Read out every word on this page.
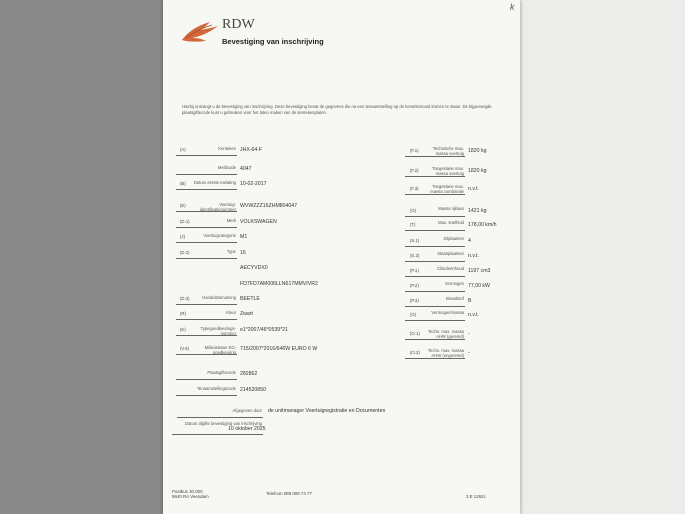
k
RDW
Bevestiging van inschrijving
Hierbij ontvangt u de bevestiging van inschrijving. Deze bevestiging bevat de gegevens die na een tenaamstelling op de kentekencard komen te staan. De bijgevoegde plaatsgiftecode kunt u gebruiken voor het laten maken van de kentekenplaten.
(A)	Kenteken JHX-64-F
Meldcode 4047
(B)	Datum eerste toelating 10-02-2017
(E)	Voertuig-identificatienummer
WVWZZZ16ZHM804047
(D.1)	Merk VOLKSWAGEN
(J)	Voertuigcategorie M1
(D.2)	Type 16
AECYVDX0
FD7FD7AM006LLN617MMVIVR2
(D.3)	Handelsbenaming BEETLE
(R)	Kleur Zwart
(K)	Typegoedkeurings-nummer
e1*2007/46*0539*21
(V.9)	Milieuklasse EG-goedkeuring
715/2007*2016/646W EURO 6 W
Plaatsgiftecode 282862
Tenaamstellingscode 214520850
(F.1)	Technische max. massa voertuig 1820 kg
(F.2)	Toegestane max. massa voertuig 1820 kg
(F.3)	Toegestane max. massa combinatie n.v.t.
(G)	Massa rijklaar 1421 kg
(T)	Max. snelheid 178,00 km/h
(S.1)	Zitplaatsen 4
(S.2)	Staanplaatsen n.v.t.
(P.1)	Cilinderinhoud 1197 cm3
(P.2)	Vermogen 77,00 kW
(P.3)	Brandstof B
(G)	Vermogen/massa n.v.t.
(O.1)	Techn. max. massa AHW (geremd) -
(O.2)	Techn. max. massa AHW (ongeremd) -
Afgegeven door de unitmanager Voertuigregistratie en Documenten
Datum afgifte bevestiging van inschrijving
10 oktober 2025
Postbus 30.000
9640 RA Veendam
Telefoon 088 008 74 77
3 E 1262c
